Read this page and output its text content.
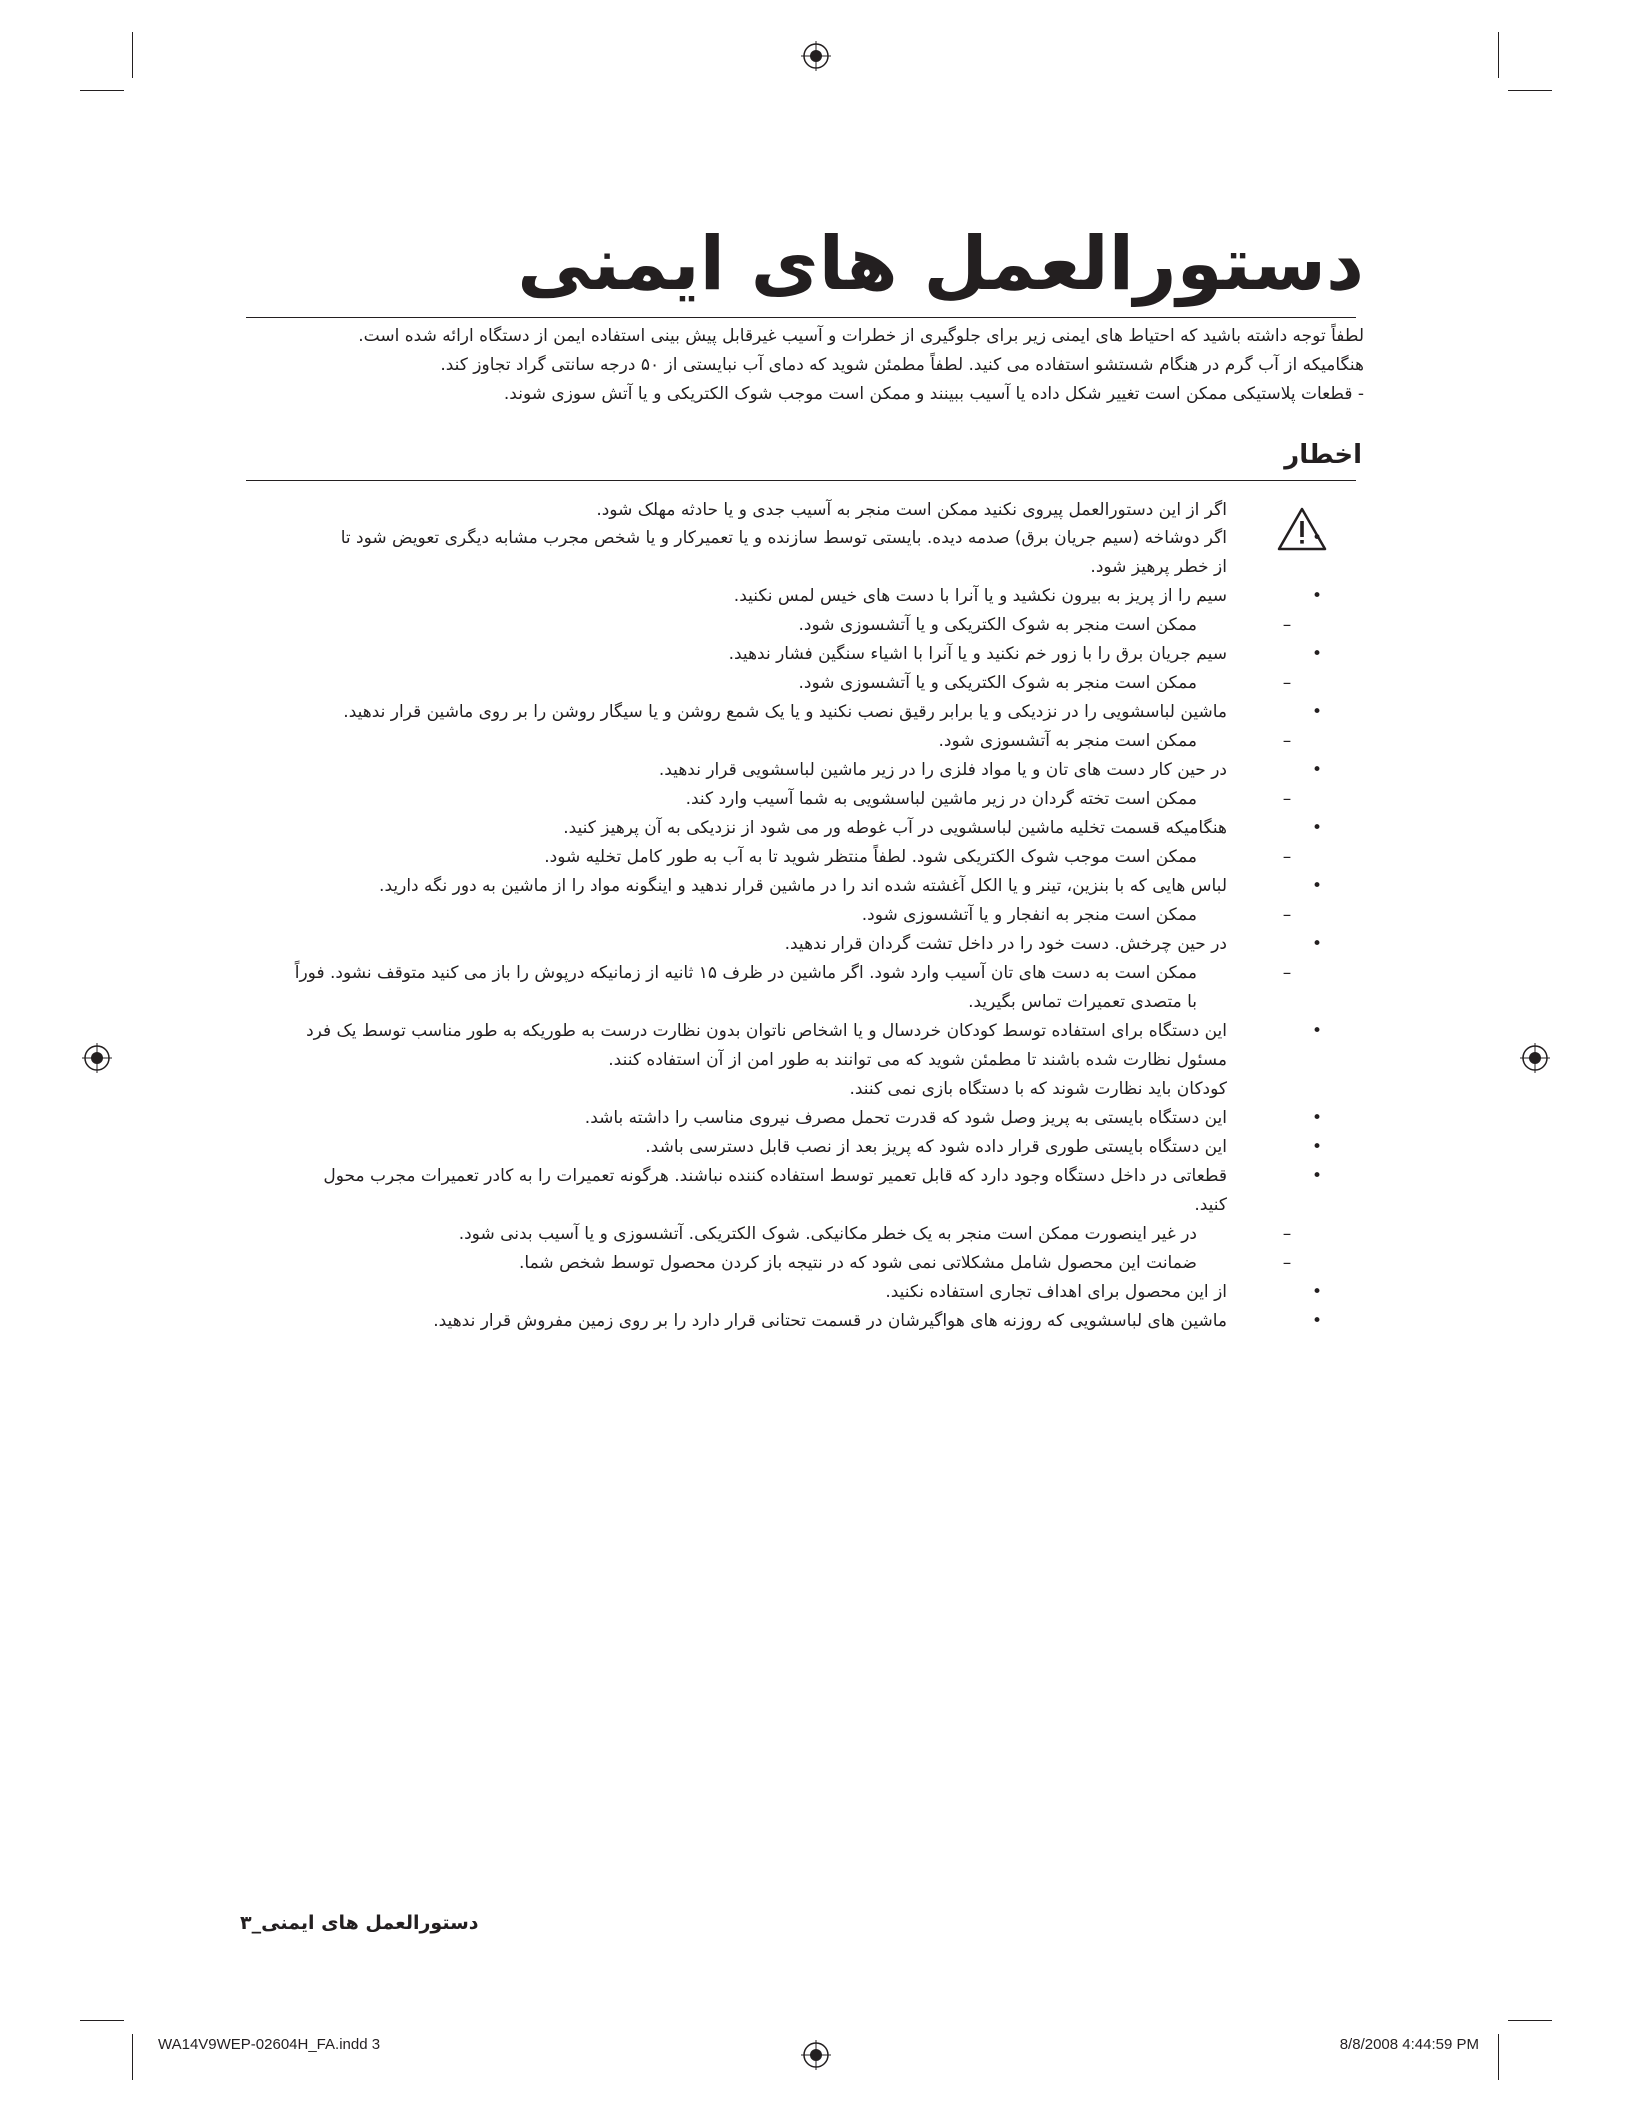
دستورالعمل های ایمنی

لطفاً توجه داشته باشید که احتیاط های ایمنی زیر برای جلوگیری از خطرات و آسیب غیرقابل پیش بینی استفاده ایمن از دستگاه ارائه شده است.

هنگامیکه از آب گرم در هنگام شستشو استفاده می کنید. لطفاً مطمئن شوید که دمای آب نبایستی از ۵۰ درجه سانتی گراد تجاوز کند.

- قطعات پلاستیکی ممکن است تغییر شکل داده یا آسیب ببینند و ممکن است موجب شوک الکتریکی و یا آتش سوزی شوند.

اخطار
اگر از این دستورالعمل پیروی نکنید ممکن است منجر به آسیب جدی و یا حادثه مهلک شود.
•
اگر دوشاخه (سیم جریان برق) صدمه دیده. بایستی توسط سازنده و یا تعمیرکار و یا شخص مجرب مشابه دیگری تعویض شود تا
از خطر پرهیز شود.
•
سیم را از پریز به بیرون نکشید و یا آنرا با دست های خیس لمس نکنید.
–
ممکن است منجر به شوک الکتریکی و یا آتشسوزی شود.
•
سیم جریان برق را با زور خم نکنید و یا آنرا با اشیاء سنگین فشار ندهید.
–
ممکن است منجر به شوک الکتریکی و یا آتشسوزی شود.
•
ماشین لباسشویی را در نزدیکی و یا برابر رقیق نصب نکنید و یا یک شمع روشن و یا سیگار روشن را بر روی ماشین قرار ندهید.
–
ممکن است منجر به آتشسوزی شود.
•
در حین کار دست های تان و یا مواد فلزی را در زیر ماشین لباسشویی قرار ندهید.
–
ممکن است تخته گردان در زیر ماشین لباسشویی به شما آسیب وارد کند.
•
هنگامیکه قسمت تخلیه ماشین لباسشویی در آب غوطه ور می شود از نزدیکی به آن پرهیز کنید.
–
ممکن است موجب شوک الکتریکی شود. لطفاً منتظر شوید تا به آب به طور کامل تخلیه شود.
•
لباس هایی که با بنزین، تینر و یا الکل آغشته شده اند را در ماشین قرار ندهید و اینگونه مواد را از ماشین به دور نگه دارید.
–
ممکن است منجر به انفجار و یا آتشسوزی شود.
•
در حین چرخش. دست خود را در داخل تشت گردان قرار ندهید.
–
ممکن است به دست های تان آسیب وارد شود. اگر ماشین در ظرف ۱۵ ثانیه از زمانیکه درپوش را باز می کنید متوقف نشود. فوراً
با متصدی تعمیرات تماس بگیرید.
•
این دستگاه برای استفاده توسط کودکان خردسال و یا اشخاص ناتوان بدون نظارت درست به طوریکه به طور مناسب توسط یک فرد
مسئول نظارت شده باشند تا مطمئن شوید که می توانند به طور امن از آن استفاده کنند.
کودکان باید نظارت شوند که با دستگاه بازی نمی کنند.
•
این دستگاه بایستی به پریز وصل شود که قدرت تحمل مصرف نیروی مناسب را داشته باشد.
•
این دستگاه بایستی طوری قرار داده شود که پریز بعد از نصب قابل دسترسی باشد.
•
قطعاتی در داخل دستگاه وجود دارد که قابل تعمیر توسط استفاده کننده نباشند. هرگونه تعمیرات را به کادر تعمیرات مجرب محول
کنید.
–
در غیر اینصورت ممکن است منجر به یک خطر مکانیکی. شوک الکتریکی. آتشسوزی و یا آسیب بدنی شود.
–
ضمانت این محصول شامل مشکلاتی نمی شود که در نتیجه باز کردن محصول توسط شخص شما.
•
از این محصول برای اهداف تجاری استفاده نکنید.
•
ماشین های لباسشویی که روزنه های هواگیرشان در قسمت تحتانی قرار دارد را بر روی زمین مفروش قرار ندهید.
دستورالعمل های ایمنی_۳
WA14V9WEP-02604H_FA.indd 3	8/8/2008 4:44:59 PM
